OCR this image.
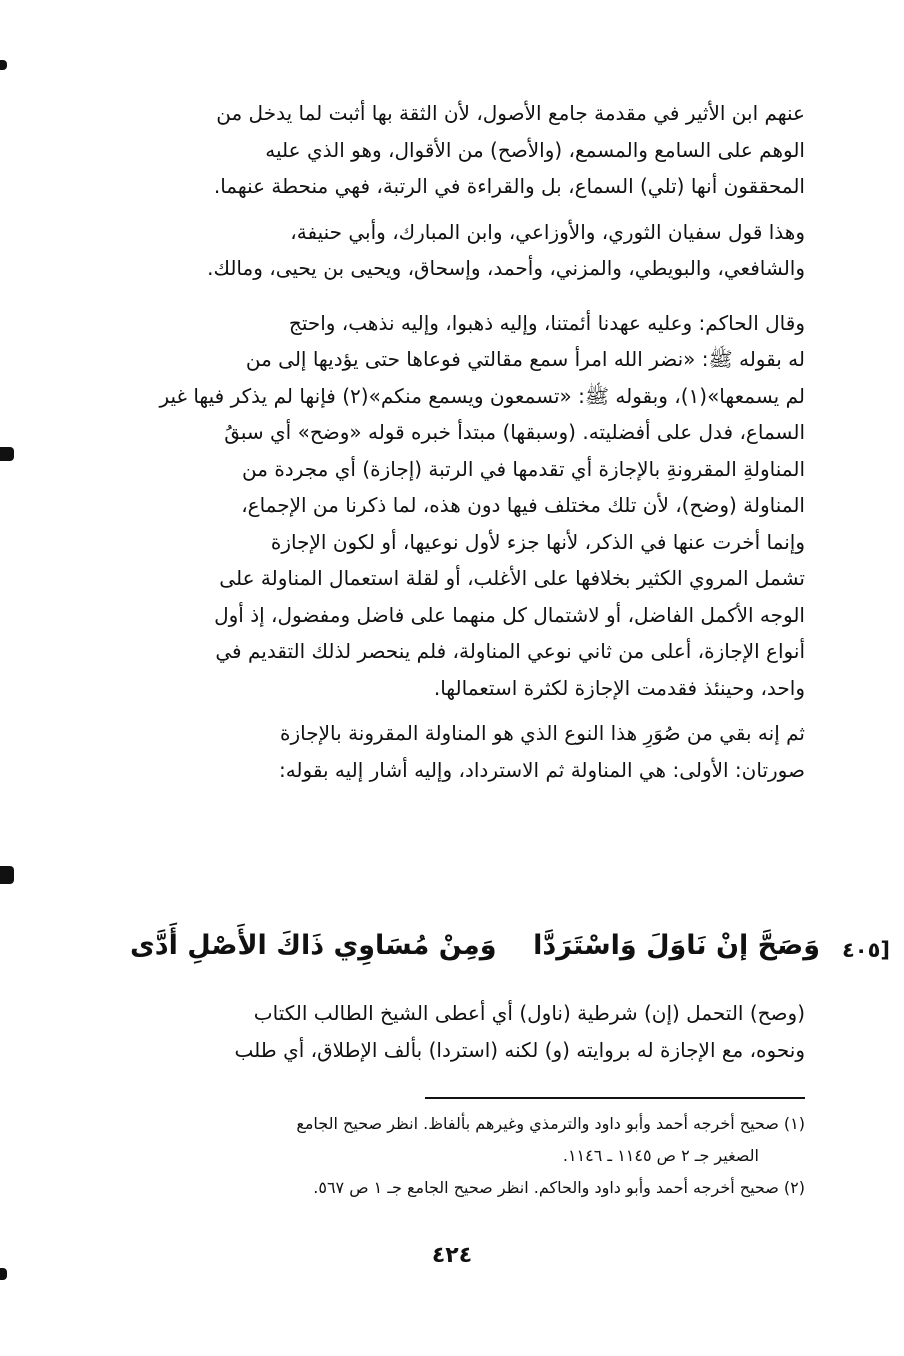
عنهم ابن الأثير في مقدمة جامع الأصول، لأن الثقة بها أثبت لما يدخل من
الوهم على السامع والمسمع، (والأصح) من الأقوال، وهو الذي عليه
المحققون أنها (تلي) السماع، بل والقراءة في الرتبة، فهي منحطة عنهما.

وهذا قول سفيان الثوري، والأوزاعي، وابن المبارك، وأبي حنيفة،
والشافعي، والبويطي، والمزني، وأحمد، وإسحاق، ويحيى بن يحيى، ومالك.

وقال الحاكم: وعليه عهدنا أئمتنا، وإليه ذهبوا، وإليه نذهب، واحتج
له بقوله ﷺ: «نضر الله امرأ سمع مقالتي فوعاها حتى يؤديها إلى من
لم يسمعها»(١)، وبقوله ﷺ: «تسمعون ويسمع منكم»(٢) فإنها لم يذكر فيها غير
السماع، فدل على أفضليته. (وسبقها) مبتدأ خبره قوله «وضح» أي سبقُ
المناولةِ المقرونةِ بالإجازة أي تقدمها في الرتبة (إجازة) أي مجردة من
المناولة (وضح)، لأن تلك مختلف فيها دون هذه، لما ذكرنا من الإجماع،
وإنما أخرت عنها في الذكر، لأنها جزء لأول نوعيها، أو لكون الإجازة
تشمل المروي الكثير بخلافها على الأغلب، أو لقلة استعمال المناولة على
الوجه الأكمل الفاضل، أو لاشتمال كل منهما على فاضل ومفضول، إذ أول
أنواع الإجازة، أعلى من ثاني نوعي المناولة، فلم ينحصر لذلك التقديم في
واحد، وحينئذ فقدمت الإجازة لكثرة استعمالها.

ثم إنه بقي من صُوَرِ هذا النوع الذي هو المناولة المقرونة بالإجازة
صورتان: الأولى: هي المناولة ثم الاسترداد، وإليه أشار إليه بقوله:

[٤٠٥
وَصَحَّ إنْ نَاوَلَ وَاسْتَرَدَّا
وَمِنْ مُسَاوِي ذَاكَ الأَصْلِ أَدَّى
(وصح) التحمل (إن) شرطية (ناول) أي أعطى الشيخ الطالب الكتاب
ونحوه، مع الإجازة له بروايته (و) لكنه (استردا) بألف الإطلاق، أي طلب
(١) صحيح أخرجه أحمد وأبو داود والترمذي وغيرهم بألفاظ. انظر صحيح الجامع
الصغير جـ ٢ ص ١١٤٥ ـ ١١٤٦.
(٢) صحيح أخرجه أحمد وأبو داود والحاكم. انظر صحيح الجامع جـ ١ ص ٥٦٧.
٤٢٤
